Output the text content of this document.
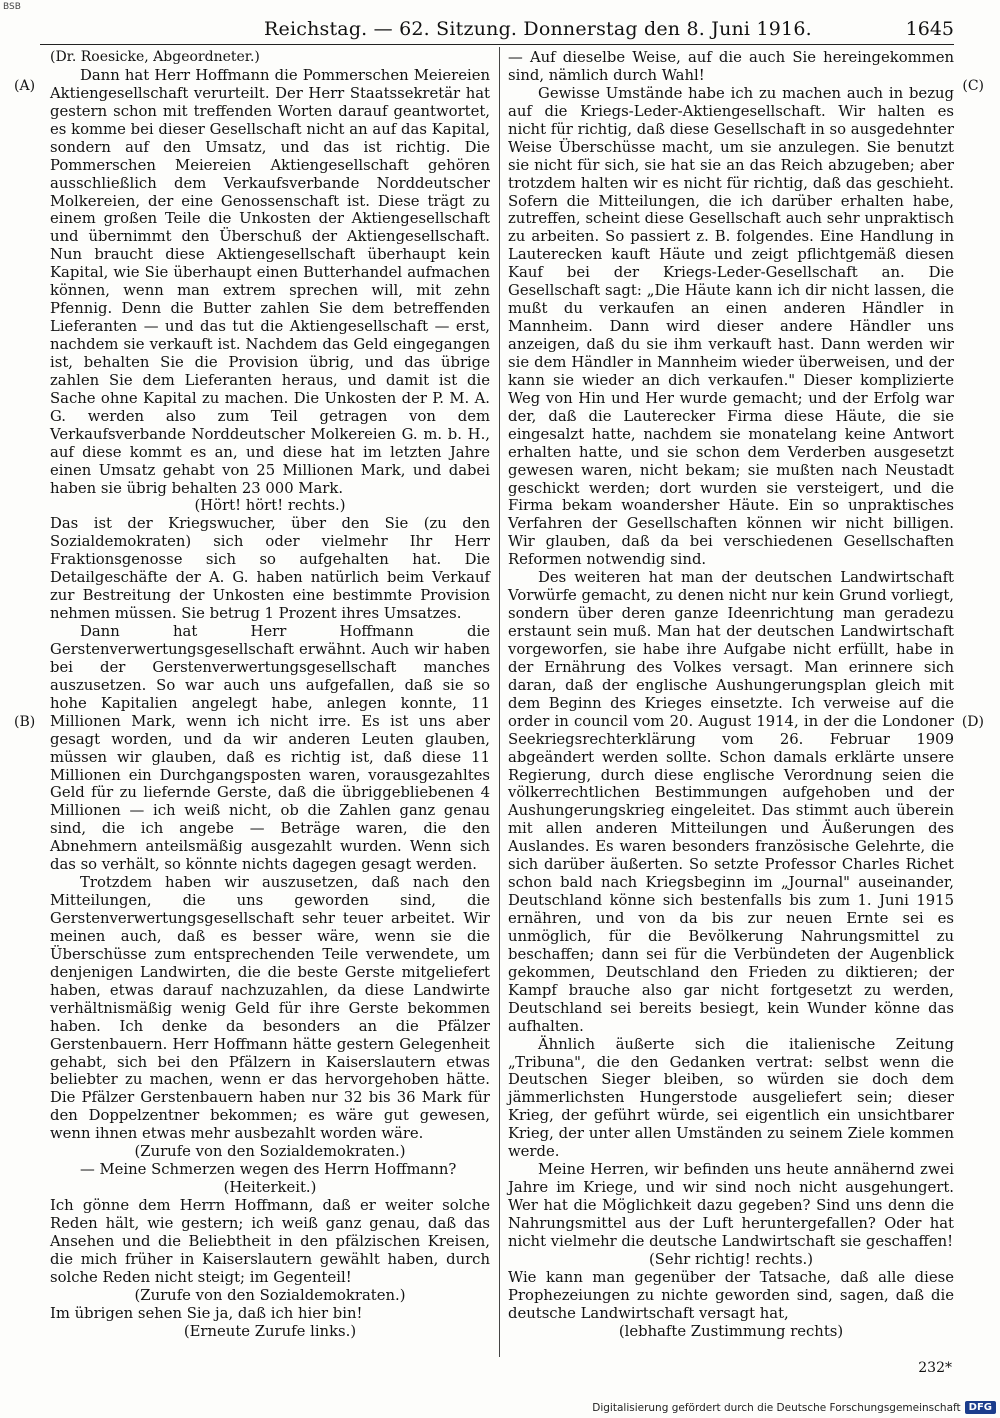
BSB
Reichstag. — 62. Sitzung. Donnerstag den 8. Juni 1916.	1645
(A)
(B)
(C)
(D)

(Dr. Roesicke, Abgeordneter.)

Dann hat Herr Hoffmann die Pommerschen Meiereien Aktiengesellschaft verurteilt. Der Herr Staatssekretär hat gestern schon mit treffenden Worten darauf geantwortet, es komme bei dieser Gesellschaft nicht an auf das Kapital, sondern auf den Umsatz, und das ist richtig. Die Pommerschen Meiereien Aktiengesellschaft gehören ausschließlich dem Verkaufsverbande Norddeutscher Molkereien, der eine Genossenschaft ist. Diese trägt zu einem großen Teile die Unkosten der Aktiengesellschaft und übernimmt den Überschuß der Aktiengesellschaft. Nun braucht diese Aktiengesellschaft überhaupt kein Kapital, wie Sie überhaupt einen Butterhandel aufmachen können, wenn man extrem sprechen will, mit zehn Pfennig. Denn die Butter zahlen Sie dem betreffenden Lieferanten — und das tut die Aktiengesellschaft — erst, nachdem sie verkauft ist. Nachdem das Geld eingegangen ist, behalten Sie die Provision übrig, und das übrige zahlen Sie dem Lieferanten heraus, und damit ist die Sache ohne Kapital zu machen. Die Unkosten der P. M. A. G. werden also zum Teil getragen von dem Verkaufsverbande Norddeutscher Molkereien G. m. b. H., auf diese kommt es an, und diese hat im letzten Jahre einen Umsatz gehabt von 25 Millionen Mark, und dabei haben sie übrig behalten 23 000 Mark.

(Hört! hört! rechts.)

Das ist der Kriegswucher, über den Sie (zu den Sozialdemokraten) sich oder vielmehr Ihr Herr Fraktionsgenosse sich so aufgehalten hat. Die Detailgeschäfte der A. G. haben natürlich beim Verkauf zur Bestreitung der Unkosten eine bestimmte Provision nehmen müssen. Sie betrug 1 Prozent ihres Umsatzes.

Dann hat Herr Hoffmann die Gerstenverwertungsgesellschaft erwähnt. Auch wir haben bei der Gerstenverwertungsgesellschaft manches auszusetzen. So war auch uns aufgefallen, daß sie so hohe Kapitalien angelegt habe, anlegen konnte, 11 Millionen Mark, wenn ich nicht irre. Es ist uns aber gesagt worden, und da wir anderen Leuten glauben, müssen wir glauben, daß es richtig ist, daß diese 11 Millionen ein Durchgangsposten waren, vorausgezahltes Geld für zu liefernde Gerste, daß die übriggebliebenen 4 Millionen — ich weiß nicht, ob die Zahlen ganz genau sind, die ich angebe — Beträge waren, die den Abnehmern anteilsmäßig ausgezahlt wurden. Wenn sich das so verhält, so könnte nichts dagegen gesagt werden.

Trotzdem haben wir auszusetzen, daß nach den Mitteilungen, die uns geworden sind, die Gerstenverwertungsgesellschaft sehr teuer arbeitet. Wir meinen auch, daß es besser wäre, wenn sie die Überschüsse zum entsprechenden Teile verwendete, um denjenigen Landwirten, die die beste Gerste mitgeliefert haben, etwas darauf nachzuzahlen, da diese Landwirte verhältnismäßig wenig Geld für ihre Gerste bekommen haben. Ich denke da besonders an die Pfälzer Gerstenbauern. Herr Hoffmann hätte gestern Gelegenheit gehabt, sich bei den Pfälzern in Kaiserslautern etwas beliebter zu machen, wenn er das hervorgehoben hätte. Die Pfälzer Gerstenbauern haben nur 32 bis 36 Mark für den Doppelzentner bekommen; es wäre gut gewesen, wenn ihnen etwas mehr ausbezahlt worden wäre.

(Zurufe von den Sozialdemokraten.)

— Meine Schmerzen wegen des Herrn Hoffmann?

(Heiterkeit.)

Ich gönne dem Herrn Hoffmann, daß er weiter solche Reden hält, wie gestern; ich weiß ganz genau, daß das Ansehen und die Beliebtheit in den pfälzischen Kreisen, die mich früher in Kaiserslautern gewählt haben, durch solche Reden nicht steigt; im Gegenteil!

(Zurufe von den Sozialdemokraten.)

Im übrigen sehen Sie ja, daß ich hier bin!

(Erneute Zurufe links.)

— Auf dieselbe Weise, auf die auch Sie hereingekommen sind, nämlich durch Wahl!

Gewisse Umstände habe ich zu machen auch in bezug auf die Kriegs-Leder-Aktiengesellschaft. Wir halten es nicht für richtig, daß diese Gesellschaft in so ausgedehnter Weise Überschüsse macht, um sie anzulegen. Sie benutzt sie nicht für sich, sie hat sie an das Reich abzugeben; aber trotzdem halten wir es nicht für richtig, daß das geschieht. Sofern die Mitteilungen, die ich darüber erhalten habe, zutreffen, scheint diese Gesellschaft auch sehr unpraktisch zu arbeiten. So passiert z. B. folgendes. Eine Handlung in Lauterecken kauft Häute und zeigt pflichtgemäß diesen Kauf bei der Kriegs-Leder-Gesellschaft an. Die Gesellschaft sagt: „Die Häute kann ich dir nicht lassen, die mußt du verkaufen an einen anderen Händler in Mannheim. Dann wird dieser andere Händler uns anzeigen, daß du sie ihm verkauft hast. Dann werden wir sie dem Händler in Mannheim wieder überweisen, und der kann sie wieder an dich verkaufen." Dieser komplizierte Weg von Hin und Her wurde gemacht; und der Erfolg war der, daß die Lauterecker Firma diese Häute, die sie eingesalzt hatte, nachdem sie monatelang keine Antwort erhalten hatte, und sie schon dem Verderben ausgesetzt gewesen waren, nicht bekam; sie mußten nach Neustadt geschickt werden; dort wurden sie versteigert, und die Firma bekam woandersher Häute. Ein so unpraktisches Verfahren der Gesellschaften können wir nicht billigen. Wir glauben, daß da bei verschiedenen Gesellschaften Reformen notwendig sind.

Des weiteren hat man der deutschen Landwirtschaft Vorwürfe gemacht, zu denen nicht nur kein Grund vorliegt, sondern über deren ganze Ideenrichtung man geradezu erstaunt sein muß. Man hat der deutschen Landwirtschaft vorgeworfen, sie habe ihre Aufgabe nicht erfüllt, habe in der Ernährung des Volkes versagt. Man erinnere sich daran, daß der englische Aushungerungsplan gleich mit dem Beginn des Krieges einsetzte. Ich verweise auf die order in council vom 20. August 1914, in der die Londoner Seekriegsrechterklärung vom 26. Februar 1909 abgeändert werden sollte. Schon damals erklärte unsere Regierung, durch diese englische Verordnung seien die völkerrechtlichen Bestimmungen aufgehoben und der Aushungerungskrieg eingeleitet. Das stimmt auch überein mit allen anderen Mitteilungen und Äußerungen des Auslandes. Es waren besonders französische Gelehrte, die sich darüber äußerten. So setzte Professor Charles Richet schon bald nach Kriegsbeginn im „Journal" auseinander, Deutschland könne sich bestenfalls bis zum 1. Juni 1915 ernähren, und von da bis zur neuen Ernte sei es unmöglich, für die Bevölkerung Nahrungsmittel zu beschaffen; dann sei für die Verbündeten der Augenblick gekommen, Deutschland den Frieden zu diktieren; der Kampf brauche also gar nicht fortgesetzt zu werden, Deutschland sei bereits besiegt, kein Wunder könne das aufhalten.

Ähnlich äußerte sich die italienische Zeitung „Tribuna", die den Gedanken vertrat: selbst wenn die Deutschen Sieger bleiben, so würden sie doch dem jämmerlichsten Hungerstode ausgeliefert sein; dieser Krieg, der geführt würde, sei eigentlich ein unsichtbarer Krieg, der unter allen Umständen zu seinem Ziele kommen werde.

Meine Herren, wir befinden uns heute annähernd zwei Jahre im Kriege, und wir sind noch nicht ausgehungert. Wer hat die Möglichkeit dazu gegeben? Sind uns denn die Nahrungsmittel aus der Luft heruntergefallen? Oder hat nicht vielmehr die deutsche Landwirtschaft sie geschaffen!

(Sehr richtig! rechts.)

Wie kann man gegenüber der Tatsache, daß alle diese Prophezeiungen zu nichte geworden sind, sagen, daß die deutsche Landwirtschaft versagt hat,

(lebhafte Zustimmung rechts)

232*
Digitalisierung gefördert durch die Deutsche Forschungsgemeinschaft DFG
